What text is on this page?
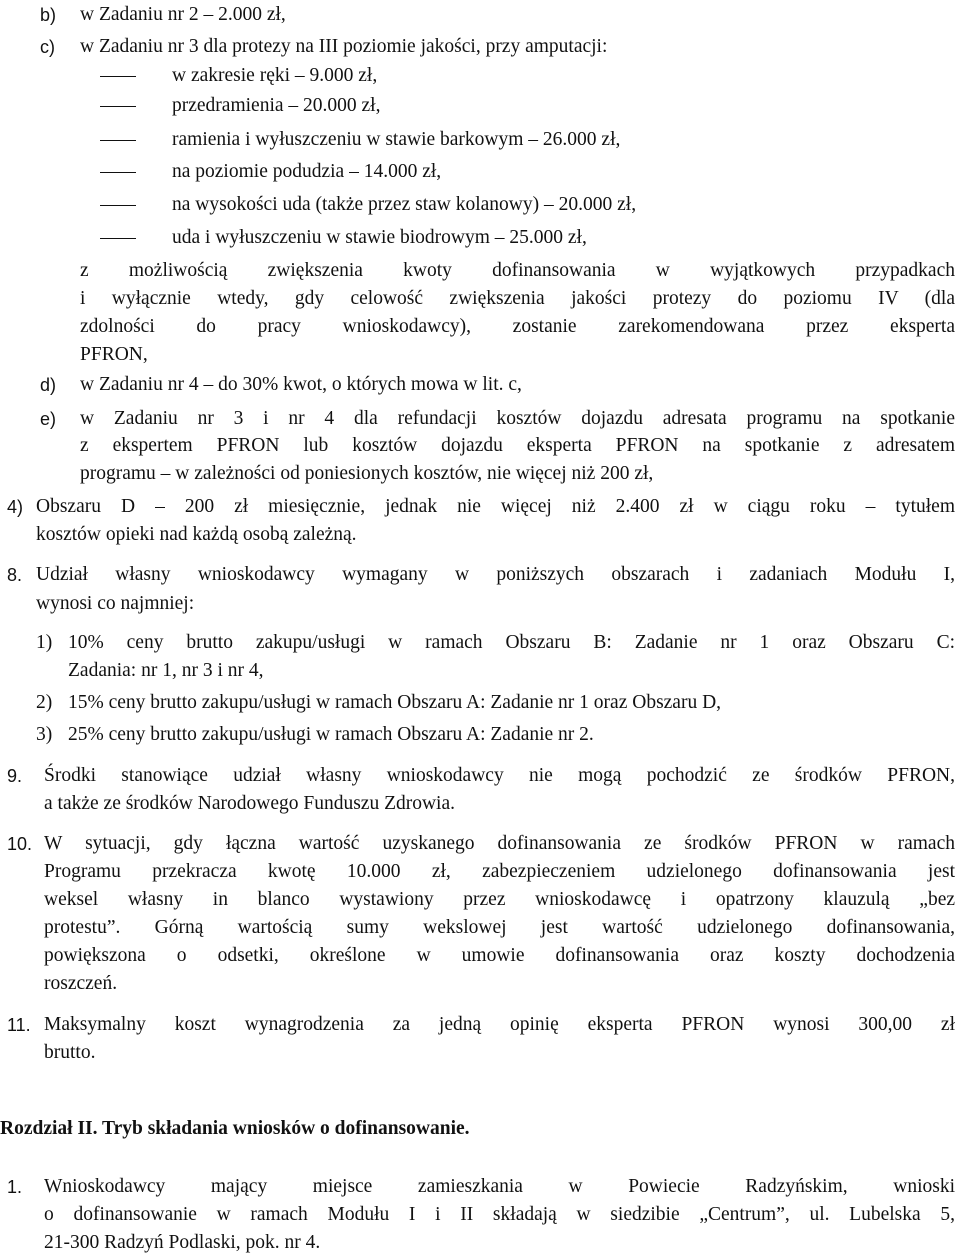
b) w Zadaniu nr 2 – 2.000 zł,
c) w Zadaniu nr 3 dla protezy na III poziomie jakości, przy amputacji:
w zakresie ręki – 9.000 zł,
przedramienia – 20.000 zł,
ramienia i wyłuszczeniu w stawie barkowym – 26.000 zł,
na poziomie podudzia – 14.000 zł,
na wysokości uda (także przez staw kolanowy) – 20.000 zł,
uda i wyłuszczeniu w stawie biodrowym – 25.000 zł,
z możliwością zwiększenia kwoty dofinansowania w wyjątkowych przypadkach
i wyłącznie wtedy, gdy celowość zwiększenia jakości protezy do poziomu IV (dla
zdolności do pracy wnioskodawcy), zostanie zarekomendowana przez eksperta
PFRON,
d) w Zadaniu nr 4 – do 30% kwot, o których mowa w lit. c,
e) w Zadaniu nr 3 i nr 4 dla refundacji kosztów dojazdu adresata programu na spotkanie
z ekspertem PFRON lub kosztów dojazdu eksperta PFRON na spotkanie z adresatem
programu – w zależności od poniesionych kosztów, nie więcej niż 200 zł,
4) Obszaru D – 200 zł miesięcznie, jednak nie więcej niż 2.400 zł w ciągu roku – tytułem
kosztów opieki nad każdą osobą zależną.
8. Udział własny wnioskodawcy wymagany w poniższych obszarach i zadaniach Modułu I,
wynosi co najmniej:
1) 10% ceny brutto zakupu/usługi w ramach Obszaru B: Zadanie nr 1 oraz Obszaru C:
Zadania: nr 1, nr 3 i nr 4,
2) 15% ceny brutto zakupu/usługi w ramach Obszaru A: Zadanie nr 1 oraz Obszaru D,
3) 25% ceny brutto zakupu/usługi w ramach Obszaru A: Zadanie nr 2.
9. Środki stanowiące udział własny wnioskodawcy nie mogą pochodzić ze środków PFRON,
a także ze środków Narodowego Funduszu Zdrowia.
10. W sytuacji, gdy łączna wartość uzyskanego dofinansowania ze środków PFRON w ramach
Programu przekracza kwotę 10.000 zł, zabezpieczeniem udzielonego dofinansowania jest
weksel własny in blanco wystawiony przez wnioskodawcę i opatrzony klauzulą „bez
protestu”. Górną wartością sumy wekslowej jest wartość udzielonego dofinansowania,
powiększona o odsetki, określone w umowie dofinansowania oraz koszty dochodzenia
roszczeń.
11. Maksymalny koszt wynagrodzenia za jedną opinię eksperta PFRON wynosi 300,00 zł
brutto.
Rozdział II. Tryb składania wniosków o dofinansowanie.
1. Wnioskodawcy mający miejsce zamieszkania w Powiecie Radzyńskim, wnioski
o dofinansowanie w ramach Modułu I i II składają w siedzibie „Centrum”, ul. Lubelska 5,
21-300 Radzyń Podlaski, pok. nr 4.
